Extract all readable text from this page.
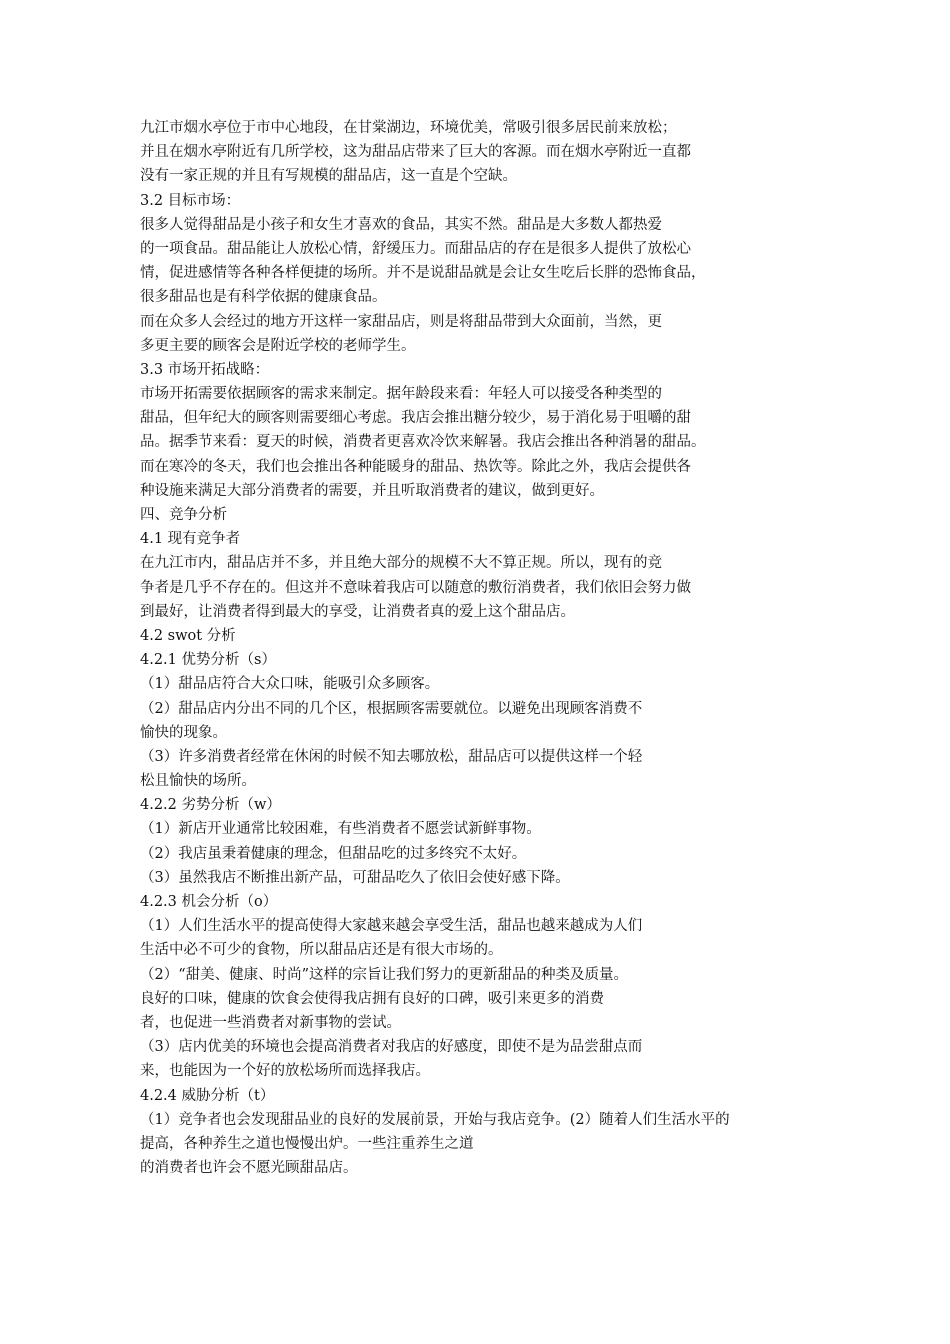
九江市烟水亭位于市中心地段，在甘棠湖边，环境优美，常吸引很多居民前来放松；
并且在烟水亭附近有几所学校，这为甜品店带来了巨大的客源。而在烟水亭附近一直都
没有一家正规的并且有写规模的甜品店，这一直是个空缺。
3.2 目标市场：
很多人觉得甜品是小孩子和女生才喜欢的食品，其实不然。甜品是大多数人都热爱
的一项食品。甜品能让人放松心情，舒缓压力。而甜品店的存在是很多人提供了放松心
情，促进感情等各种各样便捷的场所。并不是说甜品就是会让女生吃后长胖的恐怖食品，
很多甜品也是有科学依据的健康食品。
而在众多人会经过的地方开这样一家甜品店，则是将甜品带到大众面前，当然，更
多更主要的顾客会是附近学校的老师学生。
3.3 市场开拓战略：
市场开拓需要依据顾客的需求来制定。据年龄段来看：年轻人可以接受各种类型的
甜品，但年纪大的顾客则需要细心考虑。我店会推出糖分较少，易于消化易于咀嚼的甜
品。据季节来看：夏天的时候，消费者更喜欢冷饮来解暑。我店会推出各种消暑的甜品。
而在寒冷的冬天，我们也会推出各种能暖身的甜品、热饮等。除此之外，我店会提供各
种设施来满足大部分消费者的需要，并且听取消费者的建议，做到更好。
四、竞争分析
4.1 现有竞争者
在九江市内，甜品店并不多，并且绝大部分的规模不大不算正规。所以，现有的竞
争者是几乎不存在的。但这并不意味着我店可以随意的敷衍消费者，我们依旧会努力做
到最好，让消费者得到最大的享受，让消费者真的爱上这个甜品店。
4.2 swot 分析
4.2.1 优势分析（s）
（1）甜品店符合大众口味，能吸引众多顾客。
（2）甜品店内分出不同的几个区，根据顾客需要就位。以避免出现顾客消费不
愉快的现象。
（3）许多消费者经常在休闲的时候不知去哪放松，甜品店可以提供这样一个轻
松且愉快的场所。
4.2.2 劣势分析（w）
（1）新店开业通常比较困难，有些消费者不愿尝试新鲜事物。
（2）我店虽秉着健康的理念，但甜品吃的过多终究不太好。
（3）虽然我店不断推出新产品，可甜品吃久了依旧会使好感下降。
4.2.3 机会分析（o）
（1）人们生活水平的提高使得大家越来越会享受生活，甜品也越来越成为人们
生活中必不可少的食物，所以甜品店还是有很大市场的。
（2）“甜美、健康、时尚”这样的宗旨让我们努力的更新甜品的种类及质量。
良好的口味，健康的饮食会使得我店拥有良好的口碑，吸引来更多的消费
者，也促进一些消费者对新事物的尝试。
（3）店内优美的环境也会提高消费者对我店的好感度，即使不是为品尝甜点而
来，也能因为一个好的放松场所而选择我店。
4.2.4 威胁分析（t）
（1）竞争者也会发现甜品业的良好的发展前景，开始与我店竞争。(2）随着人们生活水平的
提高，各种养生之道也慢慢出炉。一些注重养生之道
的消费者也许会不愿光顾甜品店。
